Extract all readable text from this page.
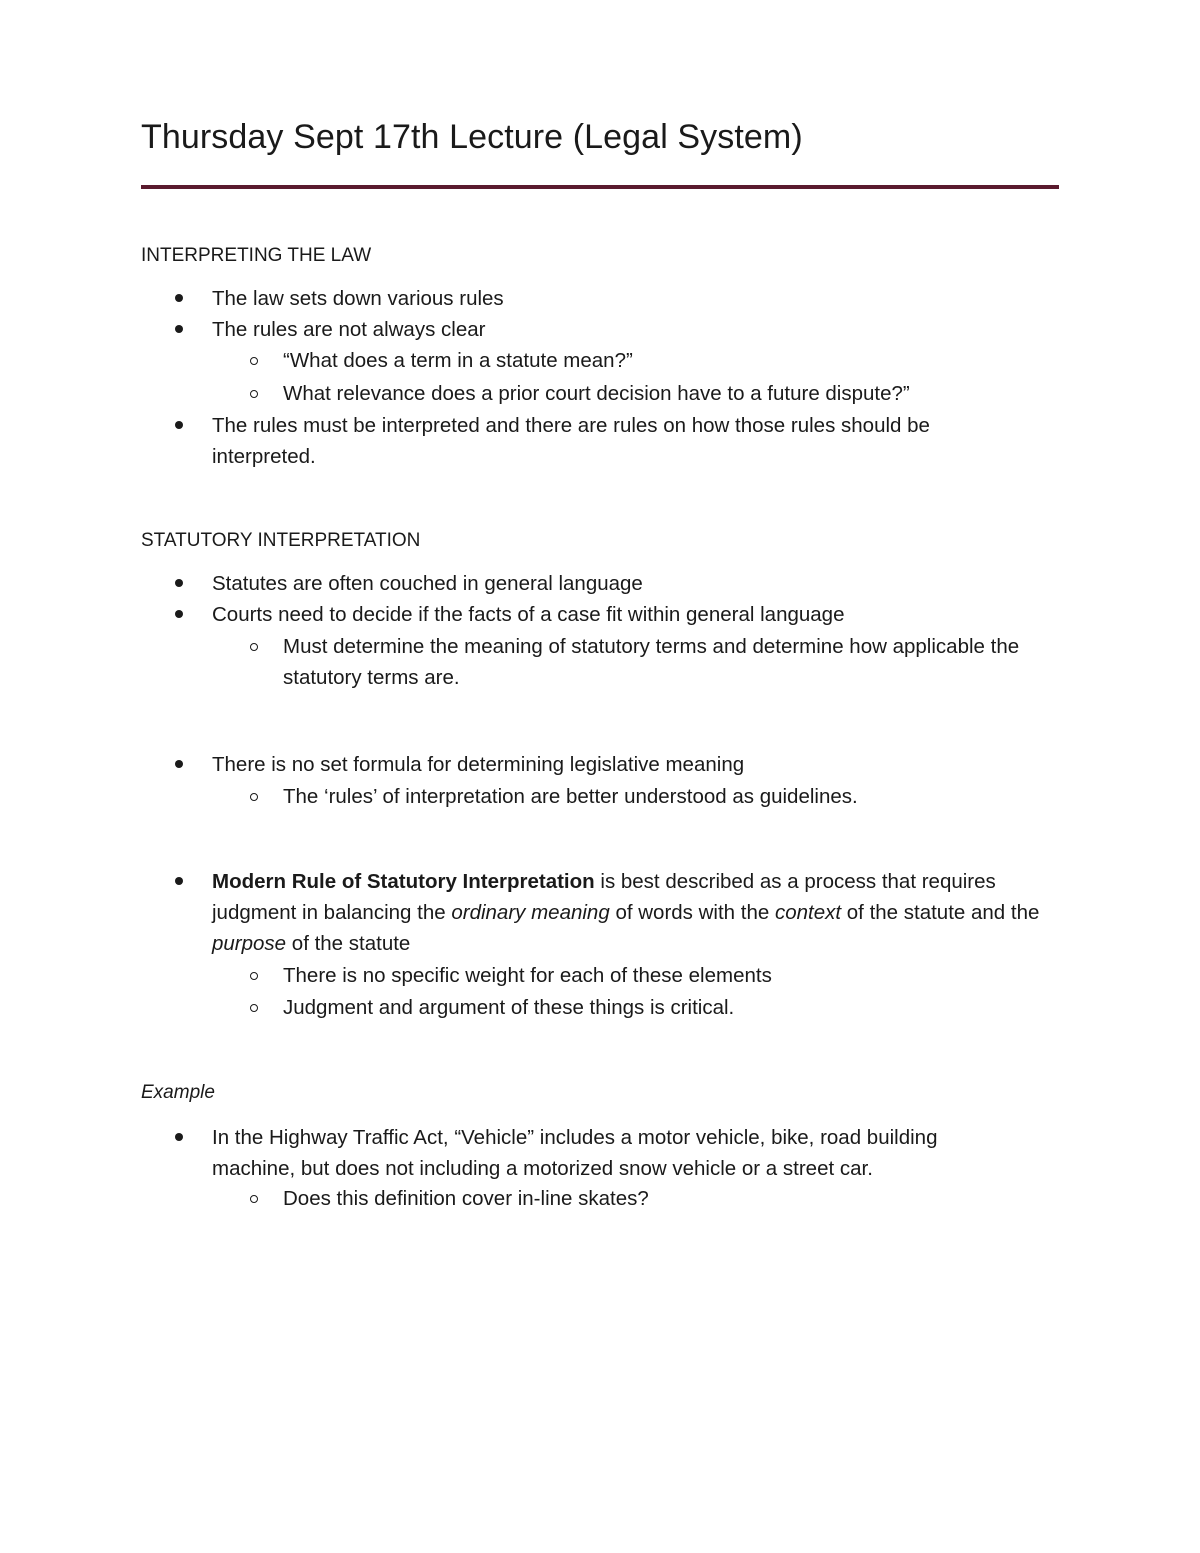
Thursday Sept 17th Lecture (Legal System)
INTERPRETING THE LAW
The law sets down various rules
The rules are not always clear
“What does a term in a statute mean?”
What relevance does a prior court decision have to a future dispute?”
The rules must be interpreted and there are rules on how those rules should be interpreted.
STATUTORY INTERPRETATION
Statutes are often couched in general language
Courts need to decide if the facts of a case fit within general language
Must determine the meaning of statutory terms and determine how applicable the statutory terms are.
There is no set formula for determining legislative meaning
The ‘rules’ of interpretation are better understood as guidelines.
Modern Rule of Statutory Interpretation is best described as a process that requires judgment in balancing the ordinary meaning of words with the context of the statute and the purpose of the statute
There is no specific weight for each of these elements
Judgment and argument of these things is critical.
Example
In the Highway Traffic Act, “Vehicle” includes a motor vehicle, bike, road building machine, but does not including a motorized snow vehicle or a street car.
Does this definition cover in-line skates?
